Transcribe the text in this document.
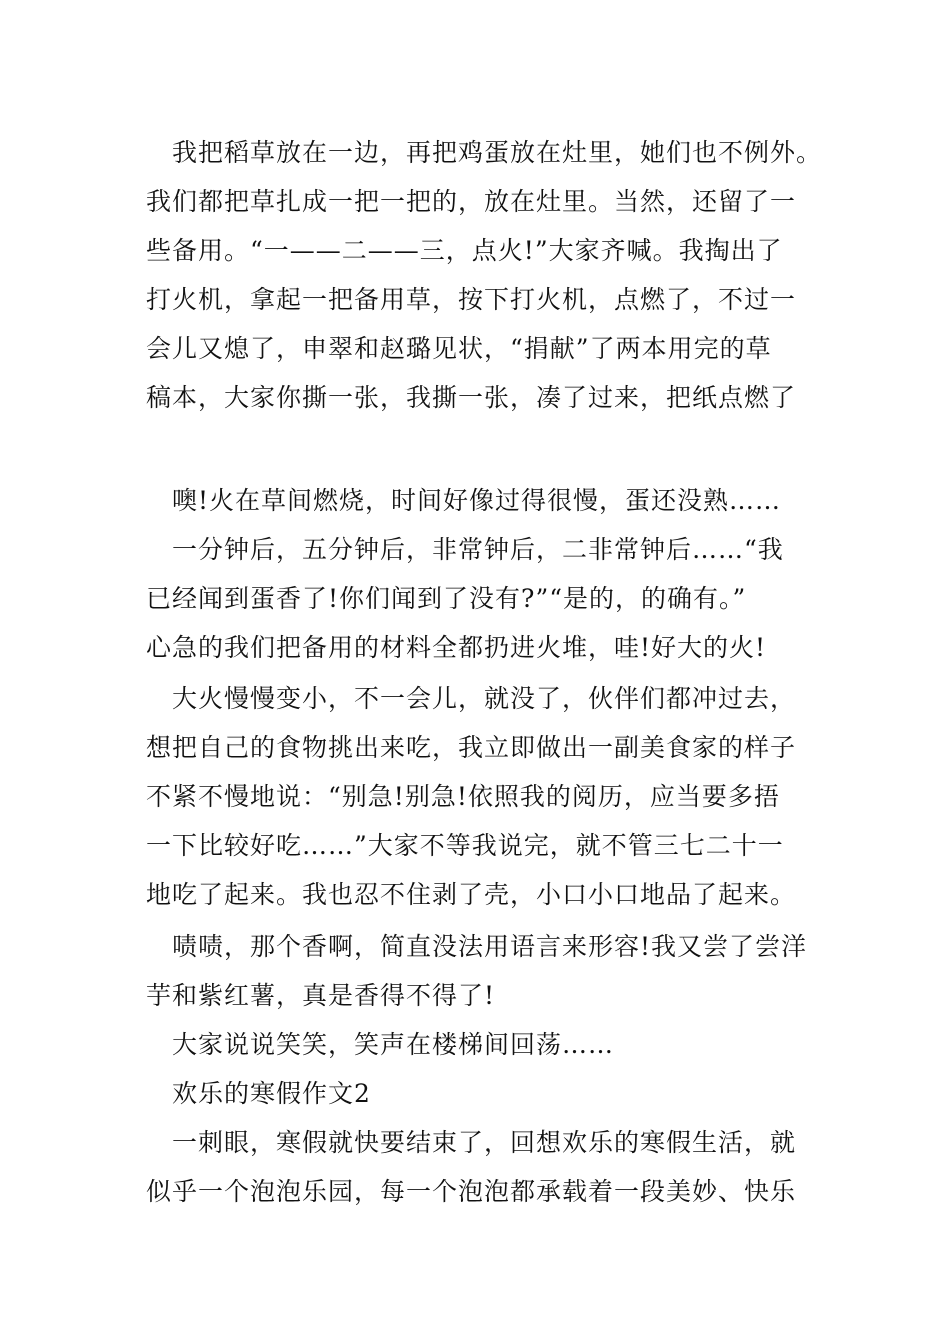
我把稻草放在一边，再把鸡蛋放在灶里，她们也不例外。
我们都把草扎成一把一把的，放在灶里。当然，还留了一
些备用。“一——二——三，点火!”大家齐喊。我掏出了
打火机，拿起一把备用草，按下打火机，点燃了，不过一
会儿又熄了，申翠和赵璐见状，“捐献”了两本用完的草
稿本，大家你撕一张，我撕一张，凑了过来，把纸点燃了

噢!火在草间燃烧，时间好像过得很慢，蛋还没熟……

一分钟后，五分钟后，非常钟后，二非常钟后……“我
已经闻到蛋香了!你们闻到了没有?”“是的，的确有。”
心急的我们把备用的材料全都扔进火堆，哇!好大的火!

大火慢慢变小，不一会儿，就没了，伙伴们都冲过去，
想把自己的食物挑出来吃，我立即做出一副美食家的样子
不紧不慢地说：“别急!别急!依照我的阅历，应当要多捂
一下比较好吃……”大家不等我说完，就不管三七二十一
地吃了起来。我也忍不住剥了壳，小口小口地品了起来。

啧啧，那个香啊，简直没法用语言来形容!我又尝了尝洋
芋和紫红薯，真是香得不得了!

大家说说笑笑，笑声在楼梯间回荡……

欢乐的寒假作文2

一刺眼，寒假就快要结束了，回想欢乐的寒假生活，就
似乎一个泡泡乐园，每一个泡泡都承载着一段美妙、快乐
